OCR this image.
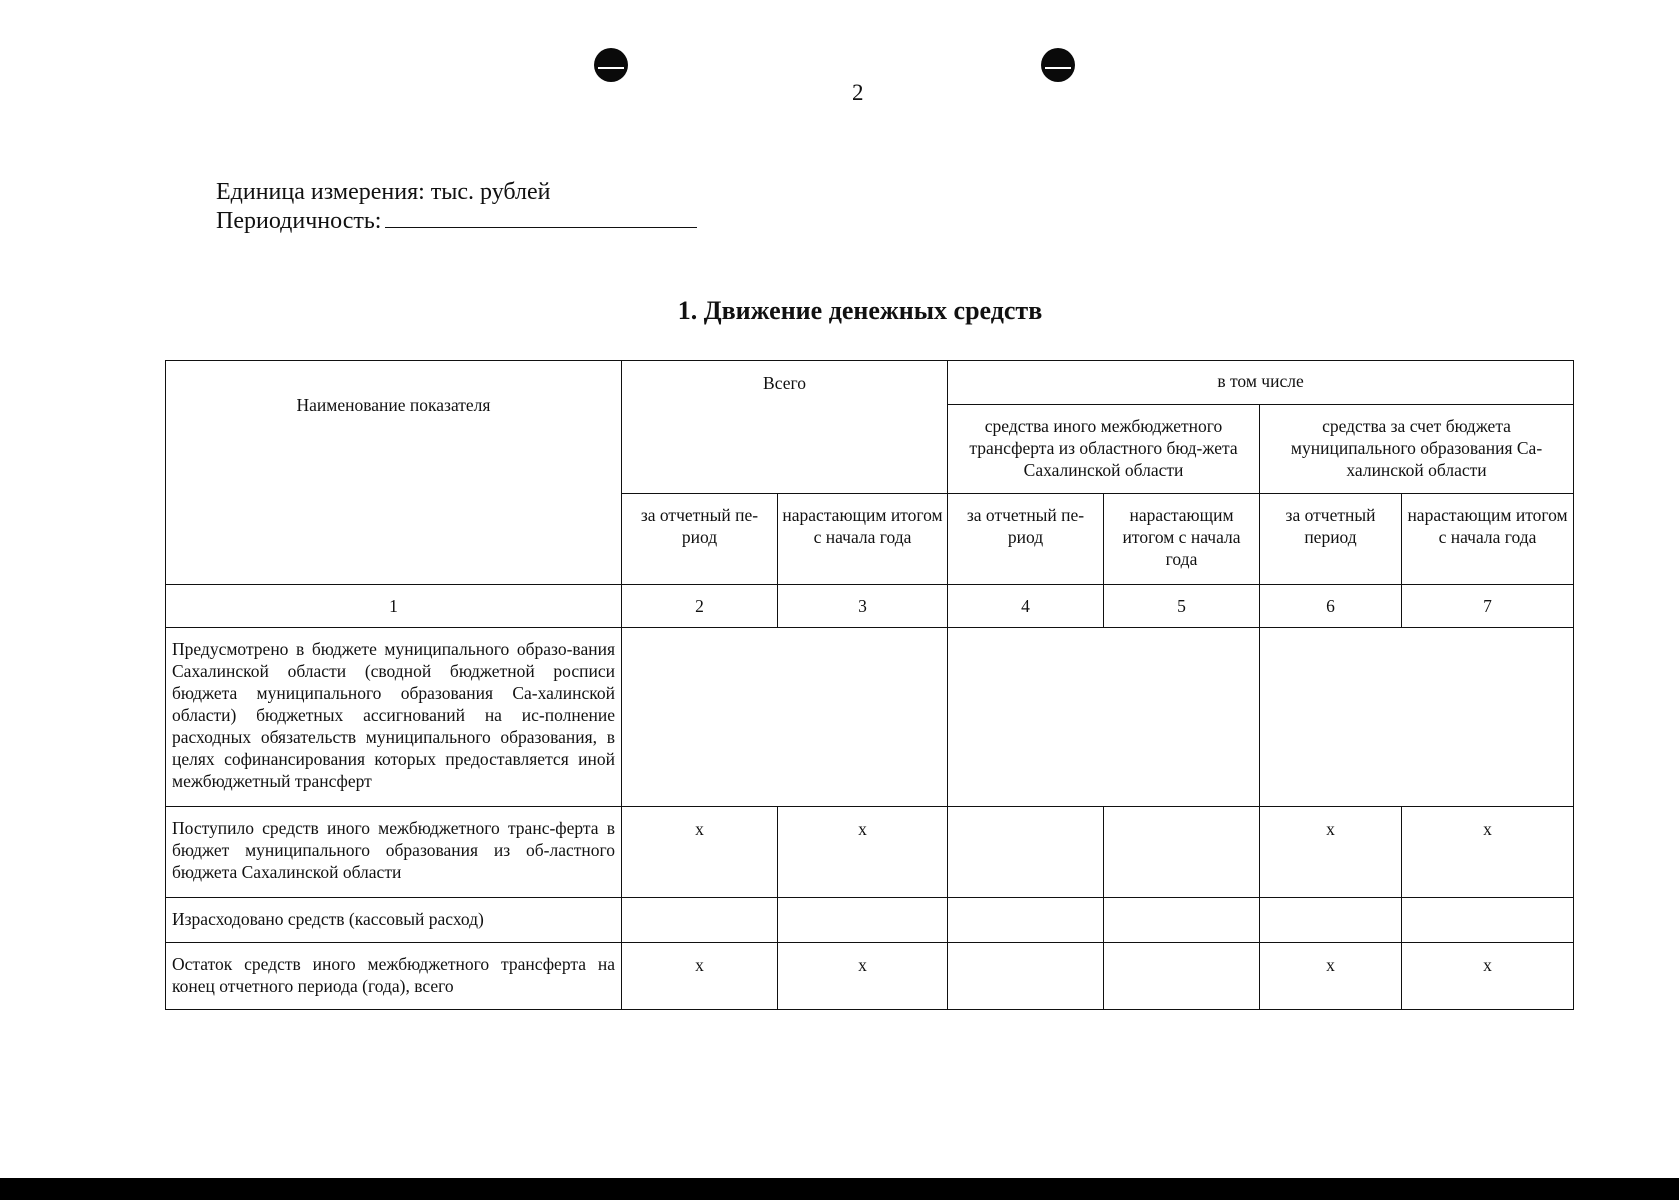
2
Единица измерения: тыс. рублей
Периодичность:
1. Движение денежных средств
Наименование показателя	Всего		в том числе			
			средства иного межбюджетного трансферта из областного бюд-жета Сахалинской области		средства за счет бюджета муниципального образования Са-халинской области	
	за отчетный пе-риод	нарастающим итогом с начала года	за отчетный пе-риод	нарастающим итогом с начала года	за отчетный период	нарастающим итогом с начала года
1	2	3	4	5	6	7
Предусмотрено в бюджете муниципального образо-вания Сахалинской области (сводной бюджетной росписи бюджета муниципального образования Са-халинской области) бюджетных ассигнований на ис-полнение расходных обязательств муниципального образования, в целях софинансирования которых предоставляется иной межбюджетный трансферт						
Поступило средств иного межбюджетного транс-ферта в бюджет муниципального образования из об-ластного бюджета Сахалинской области	x	x			x	x
Израсходовано средств (кассовый расход)						
Остаток средств иного межбюджетного трансферта на конец отчетного периода (года), всего	x	x			x	x
